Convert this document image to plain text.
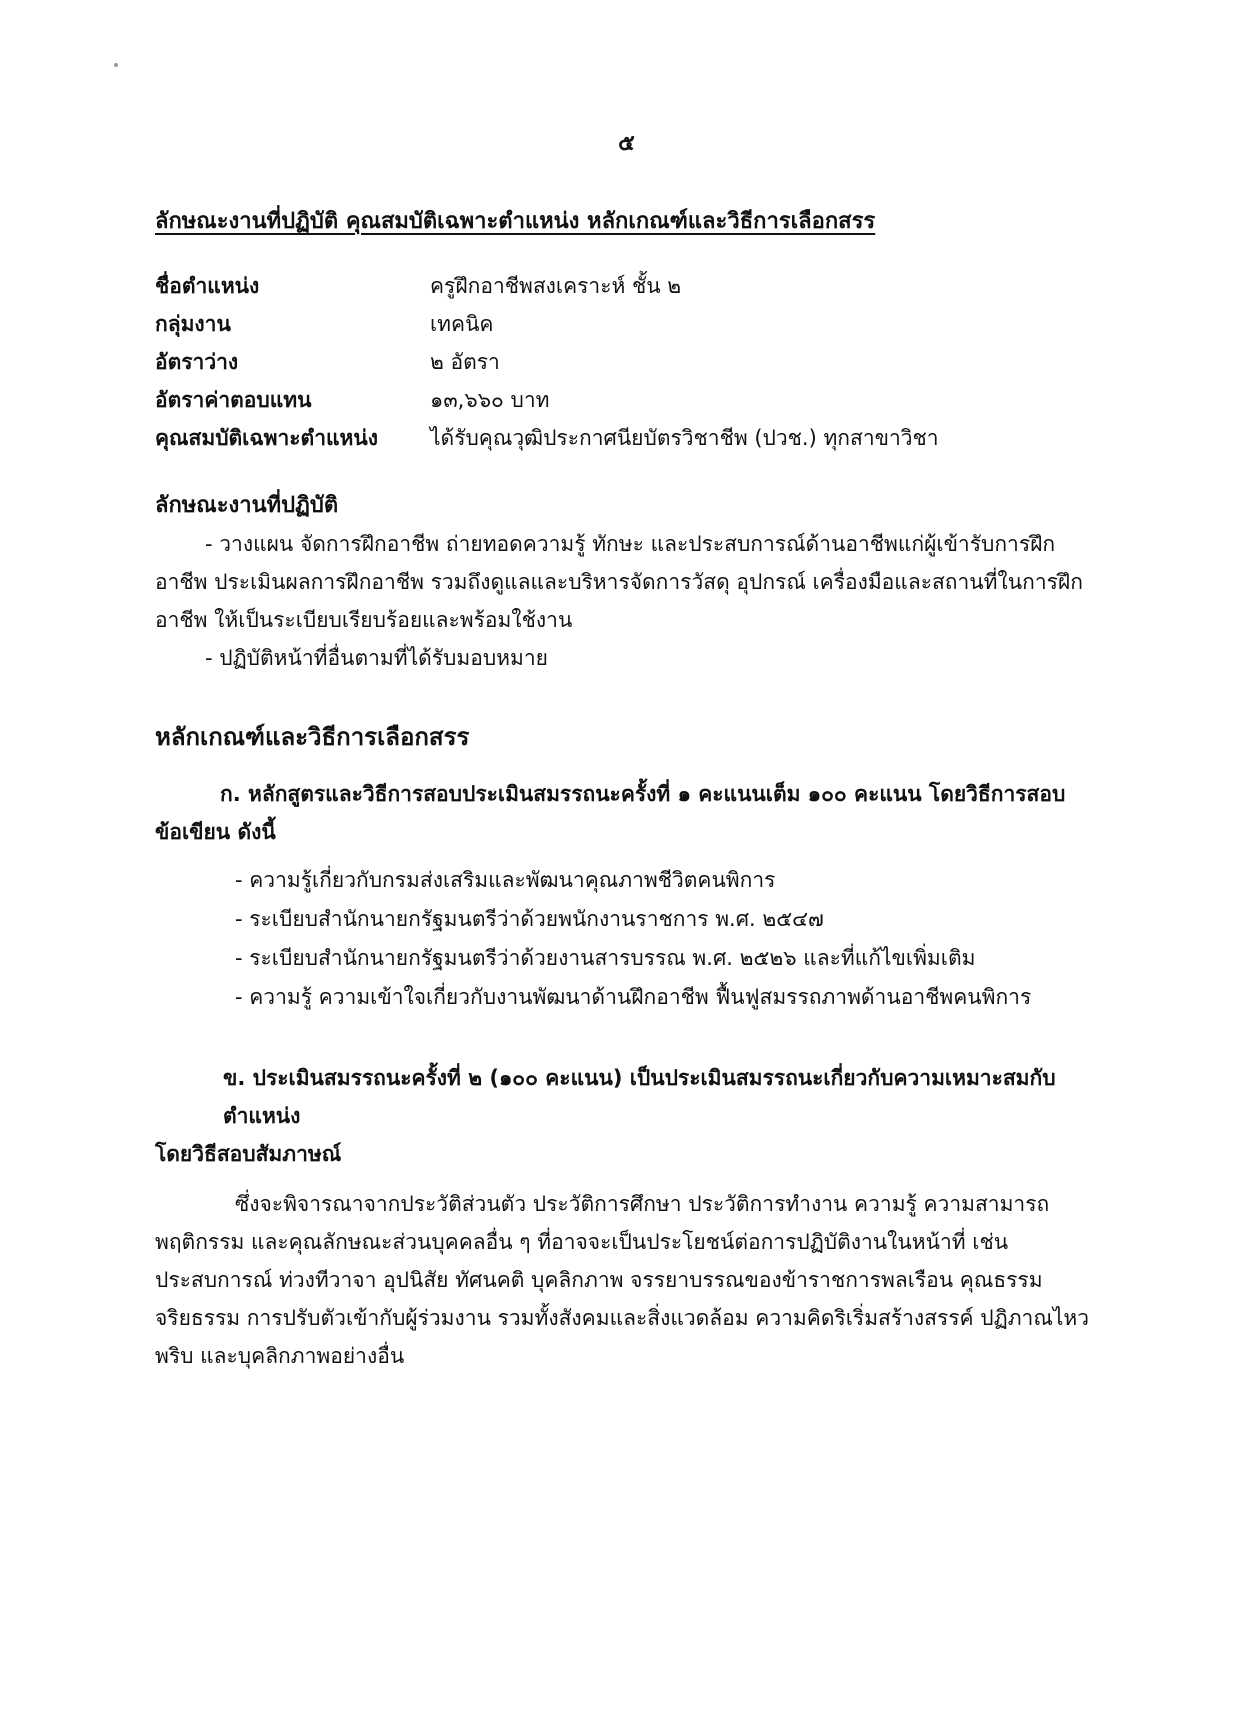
๕
ลักษณะงานที่ปฏิบัติ คุณสมบัติเฉพาะตำแหน่ง หลักเกณฑ์และวิธีการเลือกสรร
ชื่อตำแหน่ง	ครูฝึกอาชีพสงเคราะห์ ชั้น ๒
กลุ่มงาน	เทคนิค
อัตราว่าง	๒ อัตรา
อัตราค่าตอบแทน	๑๓,๖๖๐ บาท
คุณสมบัติเฉพาะตำแหน่ง	ได้รับคุณวุฒิประกาศนียบัตรวิชาชีพ (ปวช.) ทุกสาขาวิชา
ลักษณะงานที่ปฏิบัติ
- วางแผน จัดการฝึกอาชีพ ถ่ายทอดความรู้ ทักษะ และประสบการณ์ด้านอาชีพแก่ผู้เข้ารับการฝึกอาชีพ ประเมินผลการฝึกอาชีพ รวมถึงดูแลและบริหารจัดการวัสดุ อุปกรณ์ เครื่องมือและสถานที่ในการฝึกอาชีพ ให้เป็นระเบียบเรียบร้อยและพร้อมใช้งาน
- ปฏิบัติหน้าที่อื่นตามที่ได้รับมอบหมาย
หลักเกณฑ์และวิธีการเลือกสรร
ก. หลักสูตรและวิธีการสอบประเมินสมรรถนะครั้งที่ ๑ คะแนนเต็ม ๑๐๐ คะแนน โดยวิธีการสอบ
ข้อเขียน ดังนี้
- ความรู้เกี่ยวกับกรมส่งเสริมและพัฒนาคุณภาพชีวิตคนพิการ
- ระเบียบสำนักนายกรัฐมนตรีว่าด้วยพนักงานราชการ พ.ศ. ๒๕๔๗
- ระเบียบสำนักนายกรัฐมนตรีว่าด้วยงานสารบรรณ พ.ศ. ๒๕๒๖ และที่แก้ไขเพิ่มเติม
- ความรู้ ความเข้าใจเกี่ยวกับงานพัฒนาด้านฝึกอาชีพ ฟื้นฟูสมรรถภาพด้านอาชีพคนพิการ
ข. ประเมินสมรรถนะครั้งที่ ๒ (๑๐๐ คะแนน) เป็นประเมินสมรรถนะเกี่ยวกับความเหมาะสมกับตำแหน่ง
โดยวิธีสอบสัมภาษณ์
ซึ่งจะพิจารณาจากประวัติส่วนตัว ประวัติการศึกษา ประวัติการทำงาน ความรู้ ความสามารถ พฤติกรรม และคุณลักษณะส่วนบุคคลอื่น ๆ ที่อาจจะเป็นประโยชน์ต่อการปฏิบัติงานในหน้าที่ เช่น ประสบการณ์ ท่วงทีวาจา อุปนิสัย ทัศนคติ บุคลิกภาพ จรรยาบรรณของข้าราชการพลเรือน คุณธรรม จริยธรรม การปรับตัวเข้ากับผู้ร่วมงาน รวมทั้งสังคมและสิ่งแวดล้อม ความคิดริเริ่มสร้างสรรค์ ปฏิภาณไหวพริบ และบุคลิกภาพอย่างอื่น
